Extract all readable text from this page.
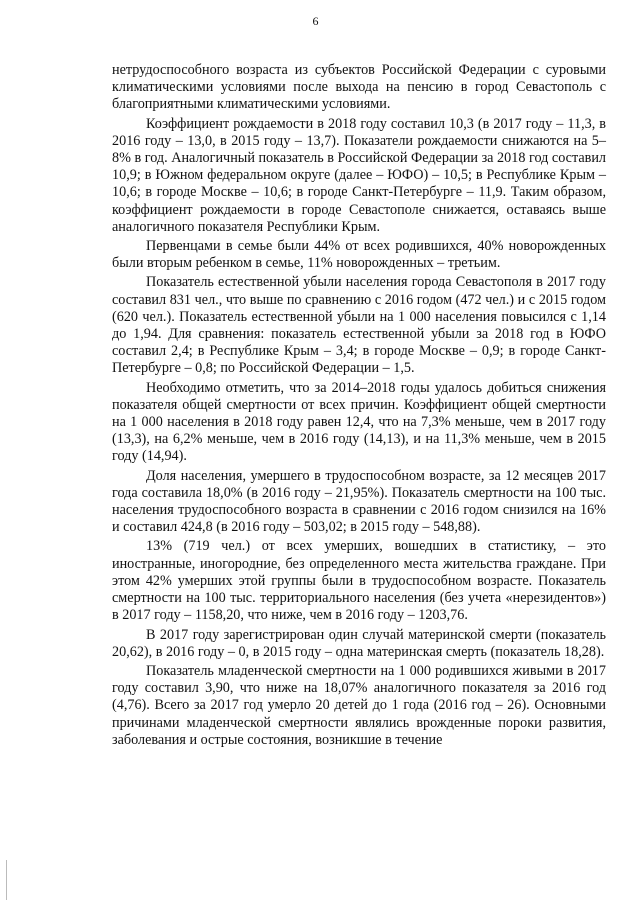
6

нетрудоспособного возраста из субъектов Российской Федерации с суровыми климатическими условиями после выхода на пенсию в город Севастополь с благоприятными климатическими условиями.

Коэффициент рождаемости в 2018 году составил 10,3 (в 2017 году – 11,3, в 2016 году – 13,0, в 2015 году – 13,7). Показатели рождаемости снижаются на 5–8% в год. Аналогичный показатель в Российской Федерации за 2018 год составил 10,9; в Южном федеральном округе (далее – ЮФО) – 10,5; в Республике Крым – 10,6; в городе Москве – 10,6; в городе Санкт-Петербурге – 11,9. Таким образом, коэффициент рождаемости в городе Севастополе снижается, оставаясь выше аналогичного показателя Республики Крым.

Первенцами в семье были 44% от всех родившихся, 40% новорожденных были вторым ребенком в семье, 11% новорожденных – третьим.

Показатель естественной убыли населения города Севастополя в 2017 году составил 831 чел., что выше по сравнению с 2016 годом (472 чел.) и с 2015 годом (620 чел.). Показатель естественной убыли на 1 000 населения повысился с 1,14 до 1,94. Для сравнения: показатель естественной убыли за 2018 год в ЮФО составил 2,4; в Республике Крым – 3,4; в городе Москве – 0,9; в городе Санкт-Петербурге – 0,8; по Российской Федерации – 1,5.

Необходимо отметить, что за 2014–2018 годы удалось добиться снижения показателя общей смертности от всех причин. Коэффициент общей смертности на 1 000 населения в 2018 году равен 12,4, что на 7,3% меньше, чем в 2017 году (13,3), на 6,2% меньше, чем в 2016 году (14,13), и на 11,3% меньше, чем в 2015 году (14,94).

Доля населения, умершего в трудоспособном возрасте, за 12 месяцев 2017 года составила 18,0% (в 2016 году – 21,95%). Показатель смертности на 100 тыс. населения трудоспособного возраста в сравнении с 2016 годом снизился на 16% и составил 424,8 (в 2016 году – 503,02; в 2015 году – 548,88).

13% (719 чел.) от всех умерших, вошедших в статистику, – это иностранные, иногородние, без определенного места жительства граждане. При этом 42% умерших этой группы были в трудоспособном возрасте. Показатель смертности на 100 тыс. территориального населения (без учета «нерезидентов») в 2017 году – 1158,20, что ниже, чем в 2016 году – 1203,76.

В 2017 году зарегистрирован один случай материнской смерти (показатель 20,62), в 2016 году – 0, в 2015 году – одна материнская смерть (показатель 18,28).

Показатель младенческой смертности на 1 000 родившихся живыми в 2017 году составил 3,90, что ниже на 18,07% аналогичного показателя за 2016 год (4,76). Всего за 2017 год умерло 20 детей до 1 года (2016 год – 26). Основными причинами младенческой смертности являлись врожденные пороки развития, заболевания и острые состояния, возникшие в течение
